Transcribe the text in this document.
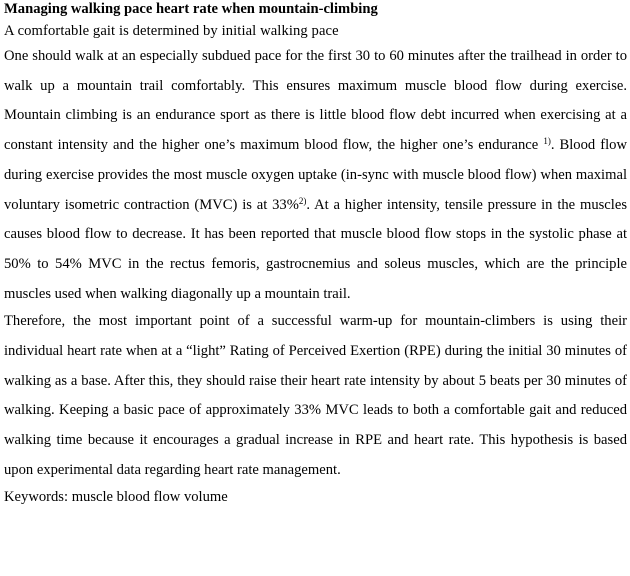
Managing walking pace heart rate when mountain-climbing

A comfortable gait is determined by initial walking pace

One should walk at an especially subdued pace for the first 30 to 60 minutes after the trailhead in order to walk up a mountain trail comfortably. This ensures maximum muscle blood flow during exercise. Mountain climbing is an endurance sport as there is little blood flow debt incurred when exercising at a constant intensity and the higher one’s maximum blood flow, the higher one’s endurance $^{1)}$. Blood flow during exercise provides the most muscle oxygen uptake (in-sync with muscle blood flow) when maximal voluntary isometric contraction (MVC) is at 33%$^{2)}$. At a higher intensity, tensile pressure in the muscles causes blood flow to decrease. It has been reported that muscle blood flow stops in the systolic phase at 50% to 54% MVC in the rectus femoris, gastrocnemius and soleus muscles, which are the principle muscles used when walking diagonally up a mountain trail.

Therefore, the most important point of a successful warm-up for mountain-climbers is using their individual heart rate when at a “light” Rating of Perceived Exertion (RPE) during the initial 30 minutes of walking as a base. After this, they should raise their heart rate intensity by about 5 beats per 30 minutes of walking. Keeping a basic pace of approximately 33% MVC leads to both a comfortable gait and reduced walking time because it encourages a gradual increase in RPE and heart rate. This hypothesis is based upon experimental data regarding heart rate management.

Keywords: muscle blood flow volume
